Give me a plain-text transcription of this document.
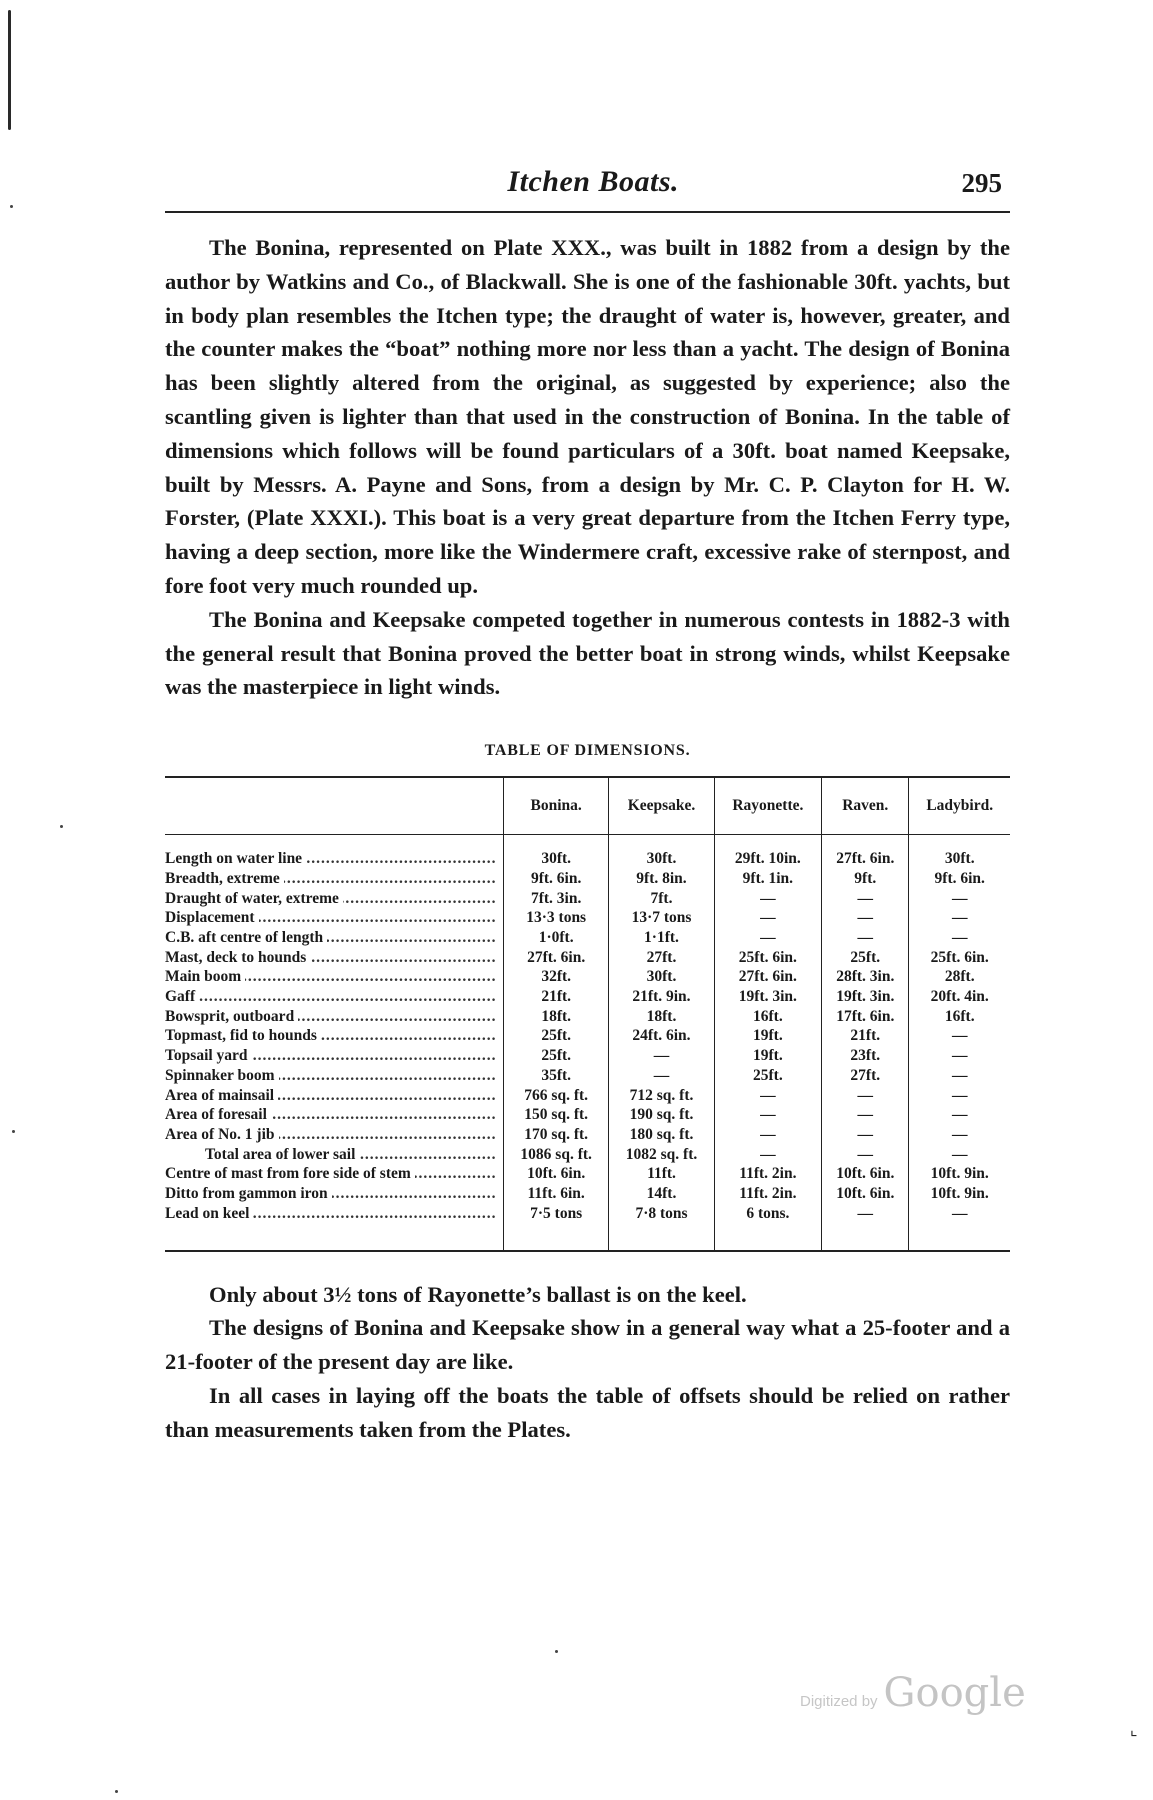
Itchen Boats.	295

The Bonina, represented on Plate XXX., was built in 1882 from a design by the author by Watkins and Co., of Blackwall. She is one of the fashionable 30ft. yachts, but in body plan resembles the Itchen type; the draught of water is, however, greater, and the counter makes the “boat” nothing more nor less than a yacht. The design of Bonina has been slightly altered from the original, as suggested by experience; also the scantling given is lighter than that used in the construction of Bonina. In the table of dimensions which follows will be found particulars of a 30ft. boat named Keepsake, built by Messrs. A. Payne and Sons, from a design by Mr. C. P. Clayton for H. W. Forster, (Plate XXXI.). This boat is a very great departure from the Itchen Ferry type, having a deep section, more like the Windermere craft, excessive rake of sternpost, and fore foot very much rounded up.

The Bonina and Keepsake competed together in numerous contests in 1882-3 with the general result that Bonina proved the better boat in strong winds, whilst Keepsake was the masterpiece in light winds.

TABLE OF DIMENSIONS.
	Bonina.	Keepsake.	Rayonette.	Raven.	Ladybird.

Length on water line .....	30ft.	30ft.	29ft. 10in.	27ft. 6in.	30ft.
Breadth, extreme .....	9ft. 6in.	9ft. 8in.	9ft. 1in.	9ft.	9ft. 6in.
Draught of water, extreme .....	7ft. 3in.	7ft.	—	—	—
Displacement .....	13·3 tons	13·7 tons	—	—	—
C.B. aft centre of length .....	1·0ft.	1·1ft.	—	—	—
Mast, deck to hounds .....	27ft. 6in.	27ft.	25ft. 6in.	25ft.	25ft. 6in.
Main boom .....	32ft.	30ft.	27ft. 6in.	28ft. 3in.	28ft.
Gaff .....	21ft.	21ft. 9in.	19ft. 3in.	19ft. 3in.	20ft. 4in.
Bowsprit, outboard .....	18ft.	18ft.	16ft.	17ft. 6in.	16ft.
Topmast, fid to hounds .....	25ft.	24ft. 6in.	19ft.	21ft.	—
Topsail yard .....	25ft.	—	19ft.	23ft.	—
Spinnaker boom .....	35ft.	—	25ft.	27ft.	—
Area of mainsail .....	766 sq. ft.	712 sq. ft.	—	—	—
Area of foresail .....	150 sq. ft.	190 sq. ft.	—	—	—
Area of No. 1 jib .....	170 sq. ft.	180 sq. ft.	—	—	—
Total area of lower sail .....	1086 sq. ft.	1082 sq. ft.	—	—	—
Centre of mast from fore side of stem .....	10ft. 6in.	11ft.	11ft. 2in.	10ft. 6in.	10ft. 9in.
Ditto from gammon iron .....	11ft. 6in.	14ft.	11ft. 2in.	10ft. 6in.	10ft. 9in.
Lead on keel .....	7·5 tons	7·8 tons	6 tons.	—	—

Only about 3½ tons of Rayonette’s ballast is on the keel.

The designs of Bonina and Keepsake show in a general way what a 25-footer and a 21-footer of the present day are like.

In all cases in laying off the boats the table of offsets should be relied on rather than measurements taken from the Plates.

Digitized by Google
⌞
